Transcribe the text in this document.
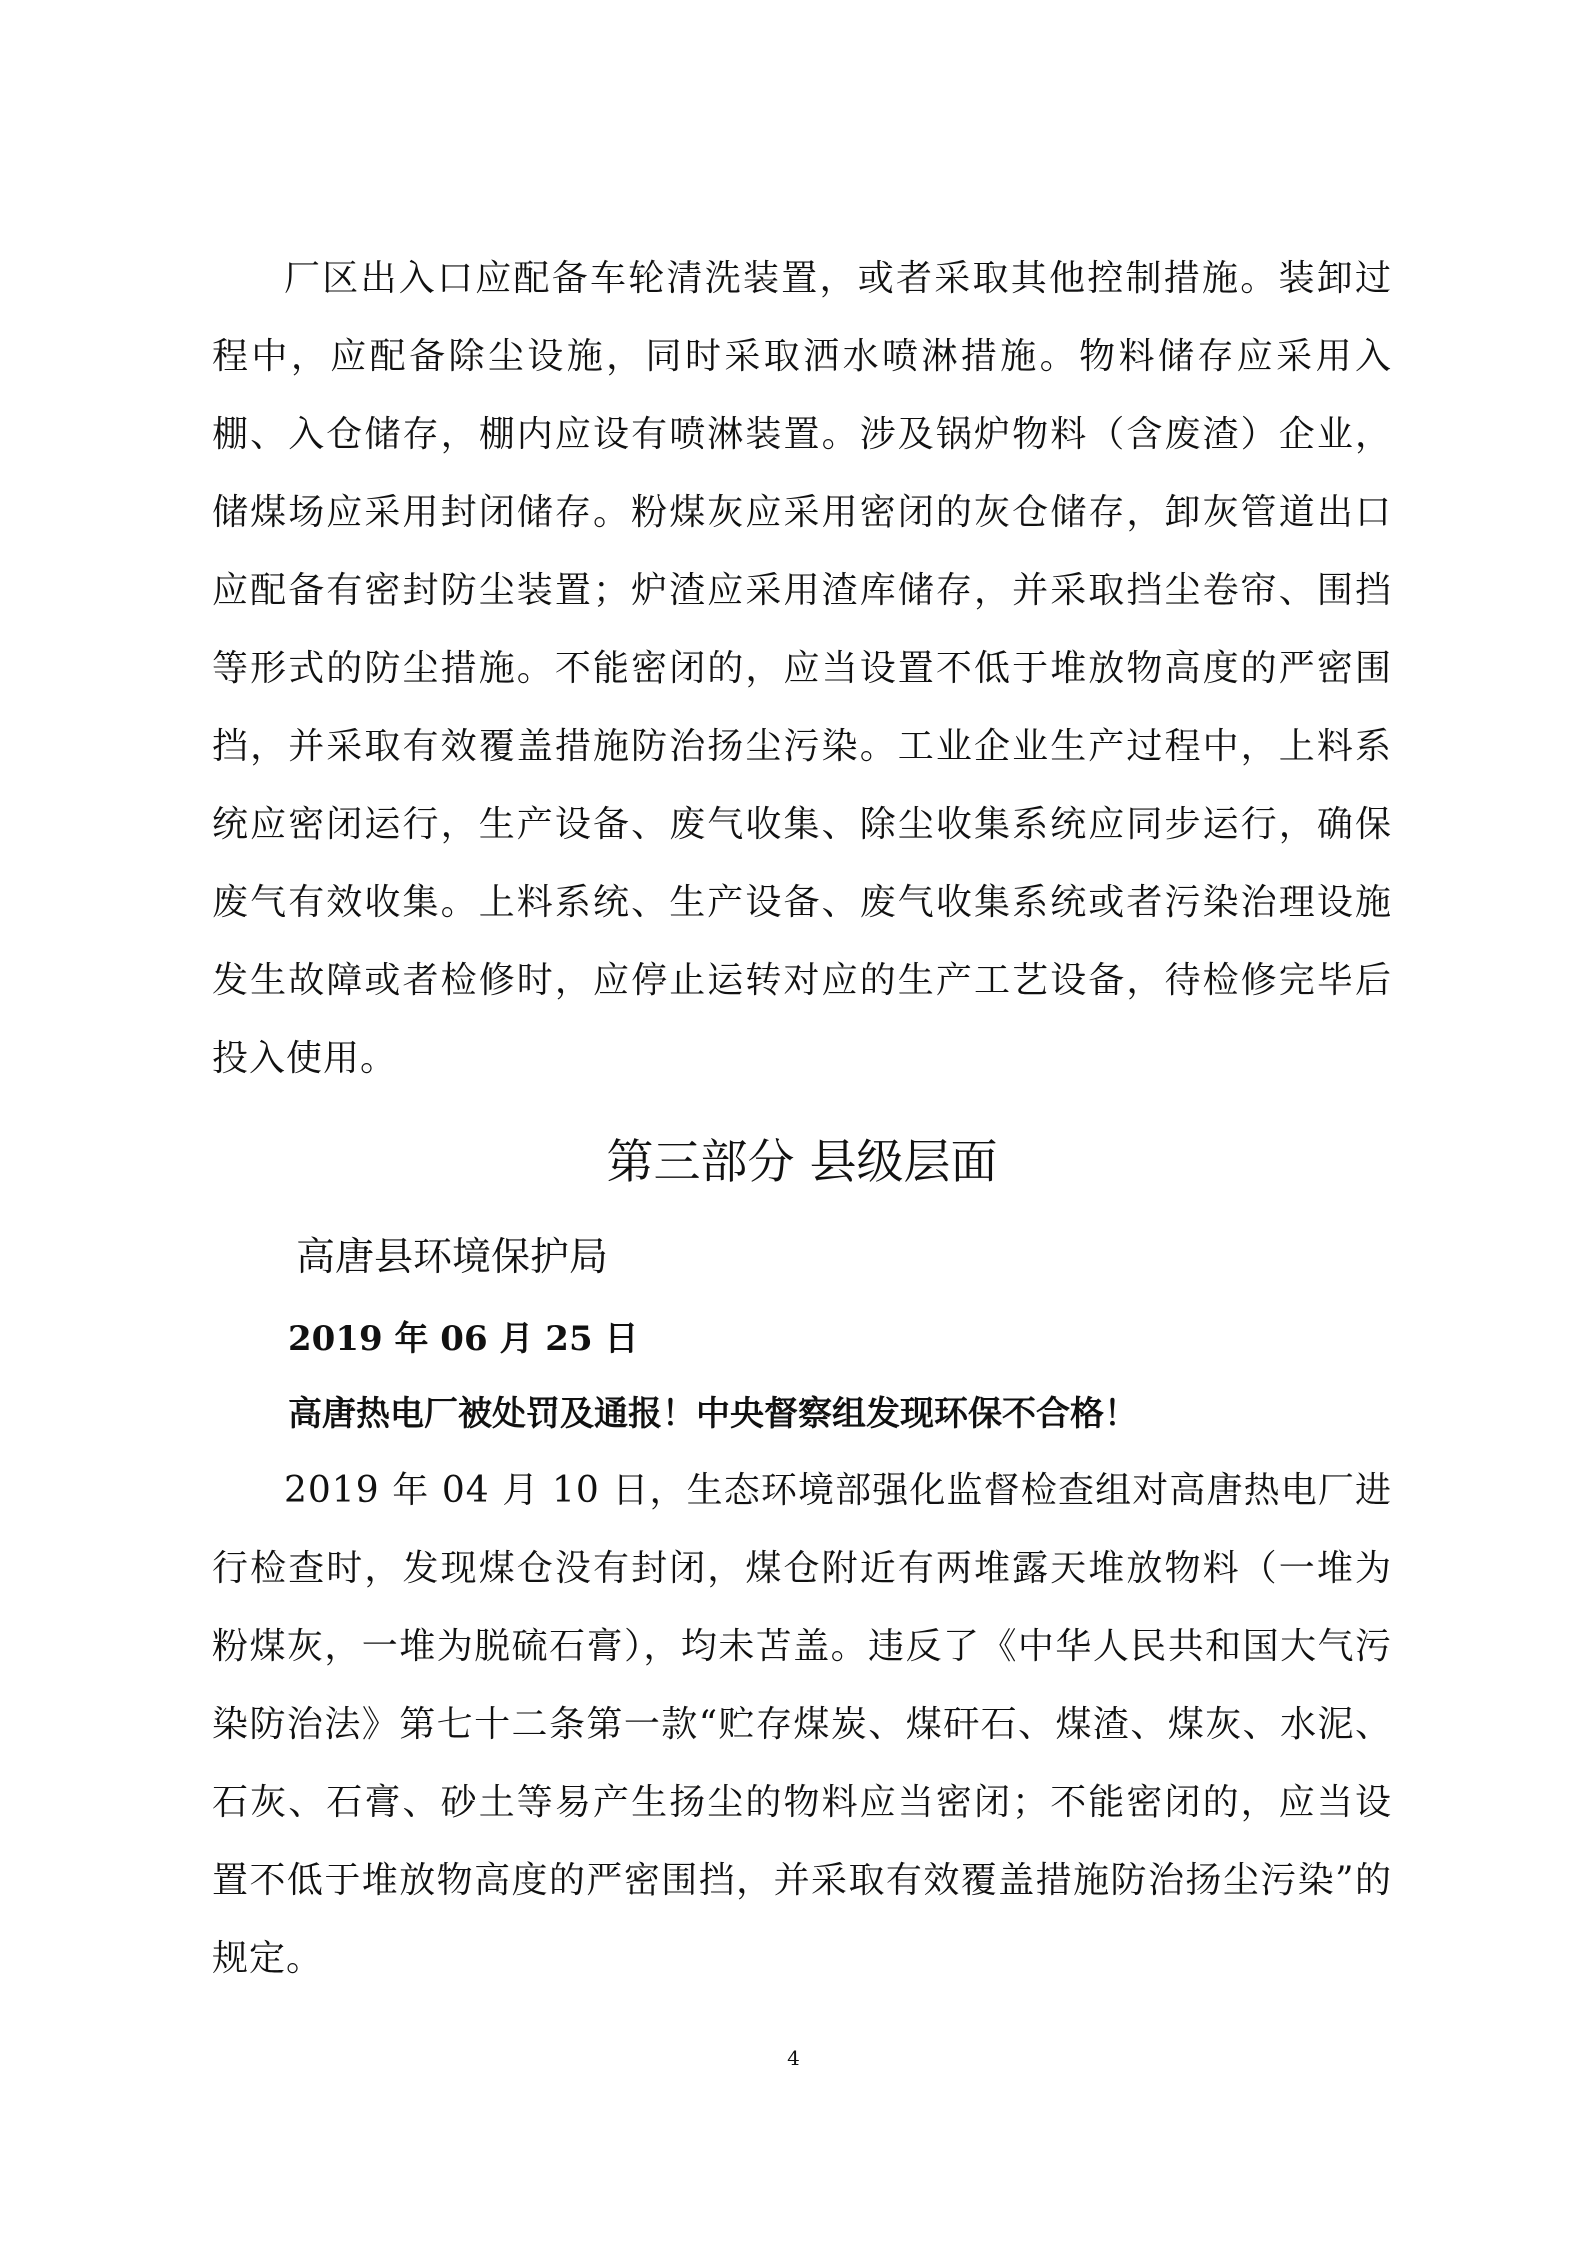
厂区出入口应配备车轮清洗装置，或者采取其他控制措施。装卸过程中，应配备除尘设施，同时采取洒水喷淋措施。物料储存应采用入棚、入仓储存，棚内应设有喷淋装置。涉及锅炉物料（含废渣）企业，储煤场应采用封闭储存。粉煤灰应采用密闭的灰仓储存，卸灰管道出口应配备有密封防尘装置；炉渣应采用渣库储存，并采取挡尘卷帘、围挡等形式的防尘措施。不能密闭的，应当设置不低于堆放物高度的严密围挡，并采取有效覆盖措施防治扬尘污染。工业企业生产过程中，上料系统应密闭运行，生产设备、废气收集、除尘收集系统应同步运行，确保废气有效收集。上料系统、生产设备、废气收集系统或者污染治理设施发生故障或者检修时，应停止运转对应的生产工艺设备，待检修完毕后投入使用。

第三部分 县级层面

高唐县环境保护局

2019 年 06 月 25 日

高唐热电厂被处罚及通报！中央督察组发现环保不合格！

2019 年 04 月 10 日，生态环境部强化监督检查组对高唐热电厂进行检查时，发现煤仓没有封闭，煤仓附近有两堆露天堆放物料（一堆为粉煤灰，一堆为脱硫石膏），均未苫盖。违反了《中华人民共和国大气污染防治法》第七十二条第一款“贮存煤炭、煤矸石、煤渣、煤灰、水泥、石灰、石膏、砂土等易产生扬尘的物料应当密闭；不能密闭的，应当设置不低于堆放物高度的严密围挡，并采取有效覆盖措施防治扬尘污染”的规定。

4
